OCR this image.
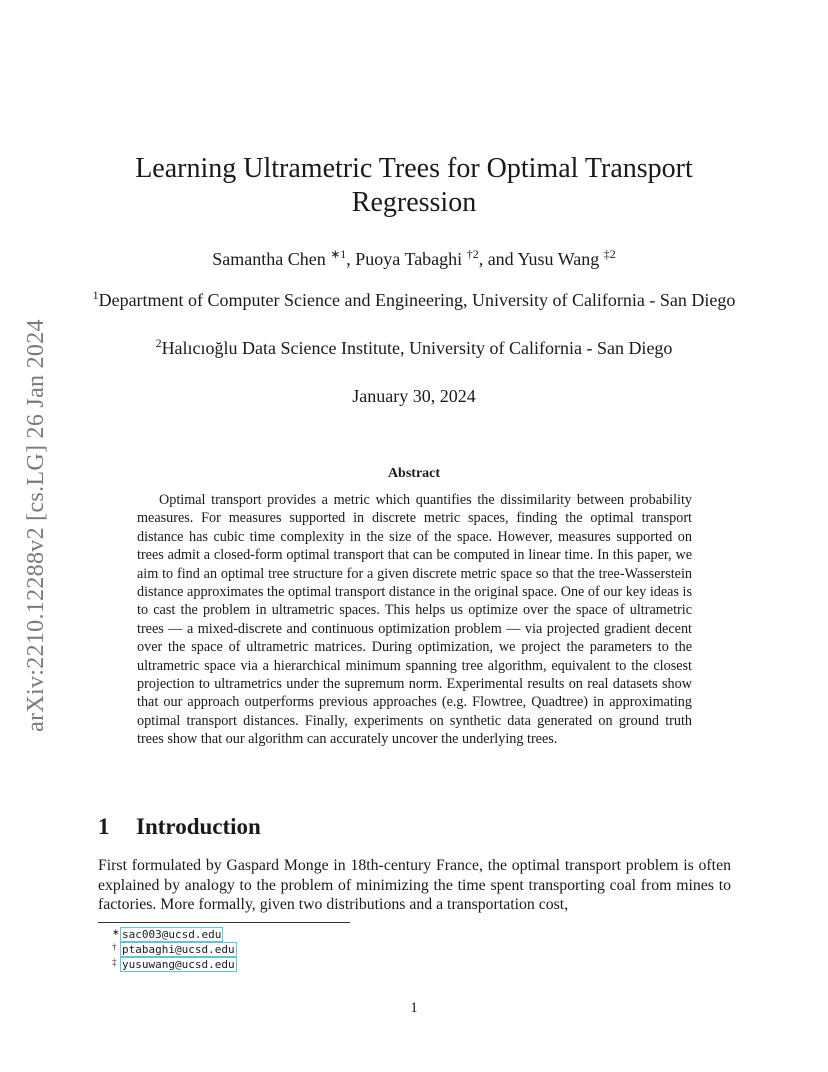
arXiv:2210.12288v2 [cs.LG] 26 Jan 2024
Learning Ultrametric Trees for Optimal Transport Regression
Samantha Chen $^{∗1}$, Puoya Tabaghi $^{\dagger 2}$, and Yusu Wang $^{\ddagger 2}$
$^1$Department of Computer Science and Engineering, University of California - San Diego
$^2$Halıcıoğlu Data Science Institute, University of California - San Diego
January 30, 2024
Abstract

Optimal transport provides a metric which quantifies the dissimilarity between probability measures. For measures supported in discrete metric spaces, finding the optimal transport distance has cubic time complexity in the size of the space. However, measures supported on trees admit a closed-form optimal transport that can be computed in linear time. In this paper, we aim to find an optimal tree structure for a given discrete metric space so that the tree-Wasserstein distance approximates the optimal transport distance in the original space. One of our key ideas is to cast the problem in ultrametric spaces. This helps us optimize over the space of ultrametric trees — a mixed-discrete and continuous optimization problem — via projected gradient decent over the space of ultrametric matrices. During optimization, we project the parameters to the ultrametric space via a hierarchical minimum spanning tree algorithm, equivalent to the closest projection to ultrametrics under the supremum norm. Experimental results on real datasets show that our approach outperforms previous approaches (e.g. Flowtree, Quadtree) in approximating optimal transport distances. Finally, experiments on synthetic data generated on ground truth trees show that our algorithm can accurately uncover the underlying trees.

1 Introduction

First formulated by Gaspard Monge in 18th-century France, the optimal transport problem is often explained by analogy to the problem of minimizing the time spent transporting coal from mines to factories. More formally, given two distributions and a transportation cost,

∗ sac003@ucsd.edu
† ptabaghi@ucsd.edu
‡ yusuwang@ucsd.edu
1
